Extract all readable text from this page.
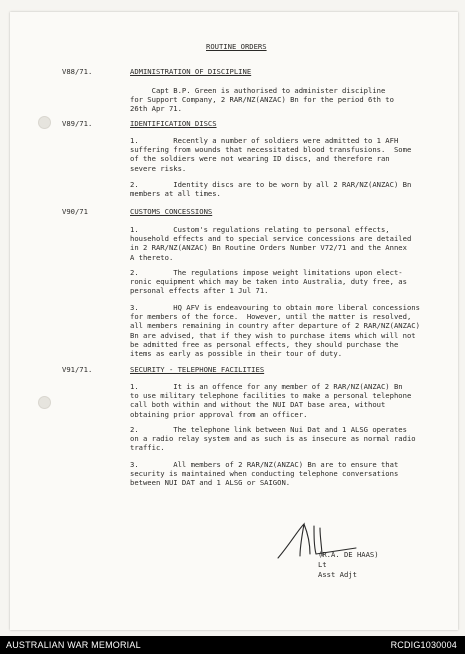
ROUTINE ORDERS
V88/71.	ADMINISTRATION OF DISCIPLINE
Capt B.P. Green is authorised to administer discipline
for Support Company, 2 RAR/NZ(ANZAC) Bn for the period 6th to
26th Apr 71.
V89/71.	IDENTIFICATION DISCS
1.        Recently a number of soldiers were admitted to 1 AFH
suffering from wounds that necessitated blood transfusions.  Some
of the soldiers were not wearing ID discs, and therefore ran
severe risks.
2.        Identity discs are to be worn by all 2 RAR/NZ(ANZAC) Bn
members at all times.
V90/71	CUSTOMS CONCESSIONS
1.        Custom's regulations relating to personal effects,
household effects and to special service concessions are detailed
in 2 RAR/NZ(ANZAC) Bn Routine Orders Number V72/71 and the Annex
A thereto.
2.        The regulations impose weight limitations upon elect-
ronic equipment which may be taken into Australia, duty free, as
personal effects after 1 Jul 71.
3.        HQ AFV is endeavouring to obtain more liberal concessions
for members of the force.  However, until the matter is resolved,
all members remaining in country after departure of 2 RAR/NZ(ANZAC)
Bn are advised, that if they wish to purchase items which will not
be admitted free as personal effects, they should purchase the
items as early as possible in their tour of duty.
V91/71.	SECURITY - TELEPHONE FACILITIES
1.        It is an offence for any member of 2 RAR/NZ(ANZAC) Bn
to use military telephone facilities to make a personal telephone
call both within and without the NUI DAT base area, without
obtaining prior approval from an officer.
2.        The telephone link between Nui Dat and 1 ALSG operates
on a radio relay system and as such is as insecure as normal radio
traffic.
3.        All members of 2 RAR/NZ(ANZAC) Bn are to ensure that
security is maintained when conducting telephone conversations
between NUI DAT and 1 ALSG or SAIGON.
(R.A. DE HAAS)
Lt
Asst Adjt
AUSTRALIAN WAR MEMORIAL	RCDIG1030004
